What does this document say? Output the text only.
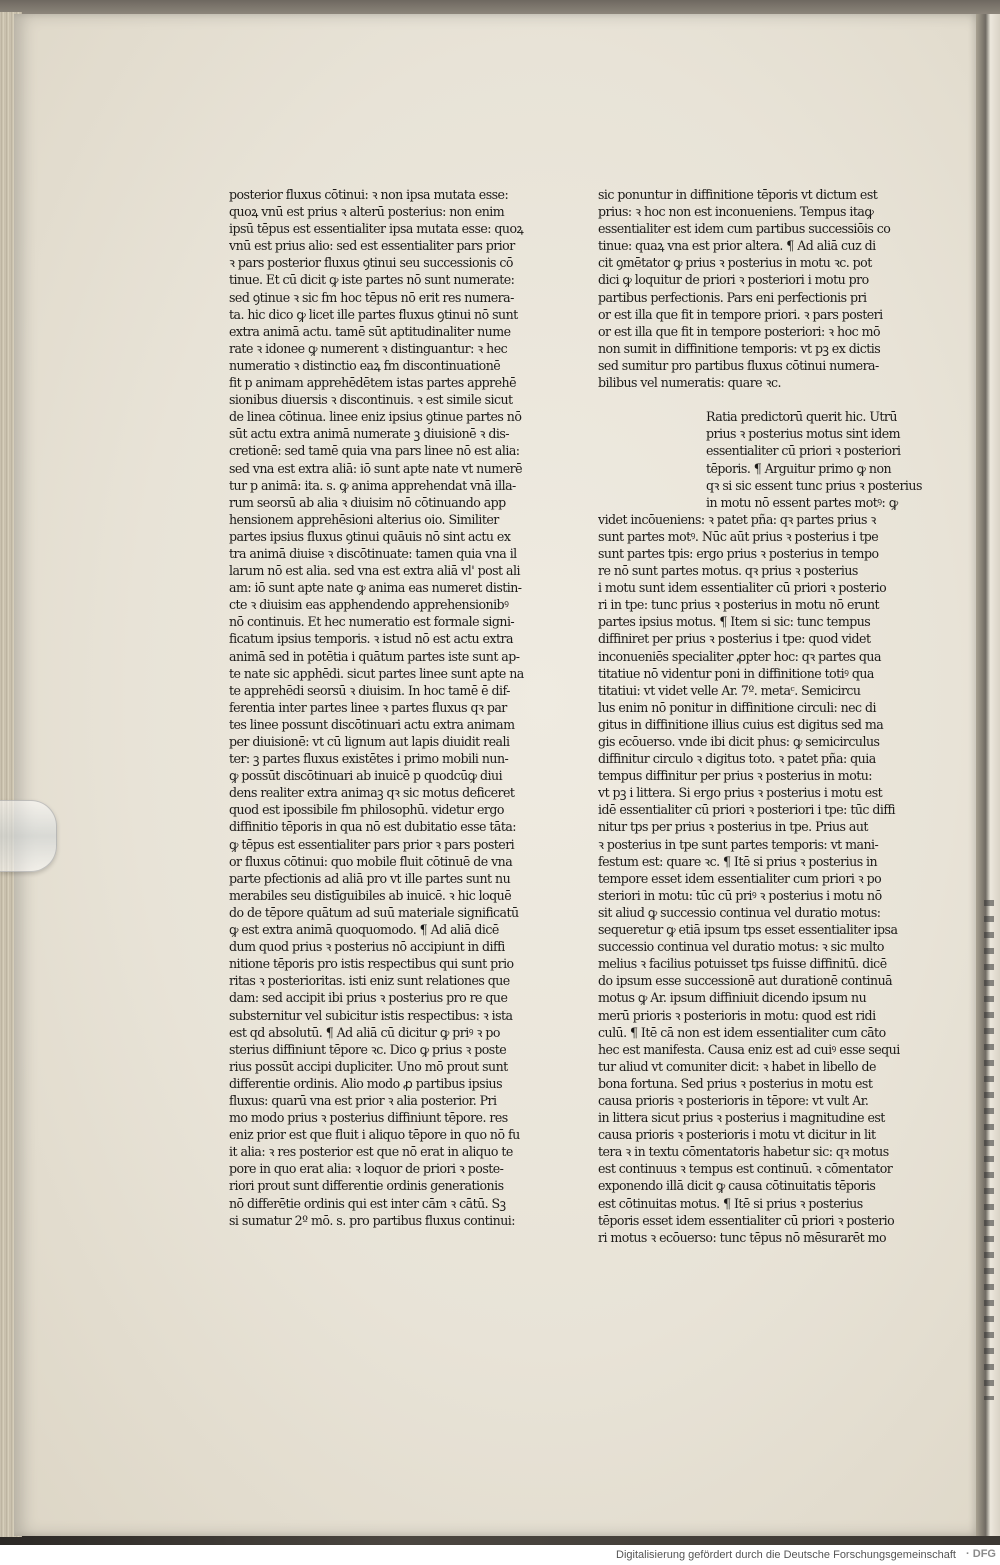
posterior fluxus cōtinui: ꝛ non ipsa mutata esse:
quoꝝ vnū est prius ꝛ alterū posterius: non enim
ipsū tēpus est essentialiter ipsa mutata esse: quoꝝ
vnū est prius alio: sed est essentialiter pars prior
ꝛ pars posterior fluxus ꝯtinui seu successionis cō
tinue. Et cū dicit ꝙ iste partes nō sunt numerate:
sed ꝯtinue ꝛ sic fm hoc tēpus nō erit res numera-
ta. hic dico ꝙ licet ille partes fluxus ꝯtinui nō sunt
extra animā actu. tamē sūt aptitudinaliter nume
rate ꝛ idonee ꝙ numerent ꝛ distinguantur: ꝛ hec
numeratio ꝛ distinctio eaꝝ fm discontinuationē
fit p animam apprehēdētem istas partes apprehē
sionibus diuersis ꝛ discontinuis. ꝛ est simile sicut
de linea cōtinua. linee eniz ipsius ꝯtinue partes nō
sūt actu extra animā numerate ꝫ diuisionē ꝛ dis-
cretionē: sed tamē quia vna pars linee nō est alia:
sed vna est extra aliā: iō sunt apte nate vt numerē
tur p animā: ita. s. ꝙ anima apprehendat vnā illa-
rum seorsū ab alia ꝛ diuisim nō cōtinuando app
hensionem apprehēsioni alterius oio. Similiter
partes ipsius fluxus ꝯtinui quāuis nō sint actu ex
tra animā diuise ꝛ discōtinuate: tamen quia vna il
larum nō est alia. sed vna est extra aliā vl' post ali
am: iō sunt apte nate ꝙ anima eas numeret distin-
cte ꝛ diuisim eas apphendendo apprehensionibꝰ
nō continuis. Et hec numeratio est formale signi-
ficatum ipsius temporis. ꝛ istud nō est actu extra
animā sed in potētia i quātum partes iste sunt ap-
te nate sic apphēdi. sicut partes linee sunt apte na
te apprehēdi seorsū ꝛ diuisim. In hoc tamē ē dif-
ferentia inter partes linee ꝛ partes fluxus qꝛ par
tes linee possunt discōtinuari actu extra animam
per diuisionē: vt cū lignum aut lapis diuidit reali
ter: ꝫ partes fluxus existētes i primo mobili nun-
ꝙ possūt discōtinuari ab inuicē p quodcūꝙ diui
dens realiter extra animaꝫ qꝛ sic motus deficeret
quod est ipossibile fm philosophū. videtur ergo
diffinitio tēporis in qua nō est dubitatio esse tāta:
ꝙ tēpus est essentialiter pars prior ꝛ pars posteri
or fluxus cōtinui: quo mobile fluit cōtinuē de vna
parte pfectionis ad aliā pro vt ille partes sunt nu
merabiles seu distīguibiles ab inuicē. ꝛ hic loquē
do de tēpore quātum ad suū materiale significatū
ꝙ est extra animā quoquomodo. ¶ Ad aliā dicē
dum quod prius ꝛ posterius nō accipiunt in diffi
nitione tēporis pro istis respectibus qui sunt prio
ritas ꝛ posterioritas. isti eniz sunt relationes que
dam: sed accipit ibi prius ꝛ posterius pro re que
substernitur vel subicitur istis respectibus: ꝛ ista
est qd absolutū. ¶ Ad aliā cū dicitur ꝙ priꝰ ꝛ po
sterius diffiniunt tēpore ꝛc. Dico ꝙ prius ꝛ poste
rius possūt accipi dupliciter. Uno mō prout sunt
differentie ordinis. Alio modo ꝓ partibus ipsius
fluxus: quarū vna est prior ꝛ alia posterior. Pri
mo modo prius ꝛ posterius diffiniunt tēpore. res
eniz prior est que fluit i aliquo tēpore in quo nō fu
it alia: ꝛ res posterior est que nō erat in aliquo te
pore in quo erat alia: ꝛ loquor de priori ꝛ poste-
riori prout sunt differentie ordinis generationis
nō differētie ordinis qui est inter cām ꝛ cātū. Sꝫ
si sumatur 2º mō. s. pro partibus fluxus continui:
sic ponuntur in diffinitione tēporis vt dictum est
prius: ꝛ hoc non est inconueniens. Tempus itaꝙ
essentialiter est idem cum partibus successiōis co
tinue: quaꝝ vna est prior altera. ¶ Ad aliā cuz di
cit ꝯmētator ꝙ prius ꝛ posterius in motu ꝛc. pot
dici ꝙ loquitur de priori ꝛ posteriori i motu pro
partibus perfectionis. Pars eni perfectionis pri
or est illa que fit in tempore priori. ꝛ pars posteri
or est illa que fit in tempore posteriori: ꝛ hoc mō
non sumit in diffinitione temporis: vt pꝫ ex dictis
sed sumitur pro partibus fluxus cōtinui numera-
bilibus vel numeratis: quare ꝛc.
Ratia predictorū querit hic. Utrū
prius ꝛ posterius motus sint idem
essentialiter cū priori ꝛ posteriori
tēporis. ¶ Arguitur primo ꝙ non
qꝛ si sic essent tunc prius ꝛ posterius
in motu nō essent partes motꝰ: ꝙ
videt incōueniens: ꝛ patet pña: qꝛ partes prius ꝛ
sunt partes motꝰ. Nūc aūt prius ꝛ posterius i tpe
sunt partes tpis: ergo prius ꝛ posterius in tempo
re nō sunt partes motus. qꝛ prius ꝛ posterius
i motu sunt idem essentialiter cū priori ꝛ posterio
ri in tpe: tunc prius ꝛ posterius in motu nō erunt
partes ipsius motus. ¶ Item si sic: tunc tempus
diffiniret per prius ꝛ posterius i tpe: quod videt
inconueniēs specialiter ꝓpter hoc: qꝛ partes qua
titatiue nō videntur poni in diffinitione totiꝰ qua
titatiui: vt videt velle Ar. 7º. metaᶜ. Semicircu
lus enim nō ponitur in diffinitione circuli: nec di
gitus in diffinitione illius cuius est digitus sed ma
gis ecōuerso. vnde ibi dicit phus: ꝙ semicirculus
diffinitur circulo ꝛ digitus toto. ꝛ patet pña: quia
tempus diffinitur per prius ꝛ posterius in motu:
vt pꝫ i littera. Si ergo prius ꝛ posterius i motu est
idē essentialiter cū priori ꝛ posteriori i tpe: tūc diffi
nitur tps per prius ꝛ posterius in tpe. Prius aut
ꝛ posterius in tpe sunt partes temporis: vt mani-
festum est: quare ꝛc. ¶ Itē si prius ꝛ posterius in
tempore esset idem essentialiter cum priori ꝛ po
steriori in motu: tūc cū priꝰ ꝛ posterius i motu nō
sit aliud ꝙ successio continua vel duratio motus:
sequeretur ꝙ etiā ipsum tps esset essentialiter ipsa
successio continua vel duratio motus: ꝛ sic multo
melius ꝛ facilius potuisset tps fuisse diffinitū. dicē
do ipsum esse successionē aut durationē continuā
motus ꝙ Ar. ipsum diffiniuit dicendo ipsum nu
merū prioris ꝛ posterioris in motu: quod est ridi
culū. ¶ Itē cā non est idem essentialiter cum cāto
hec est manifesta. Causa eniz est ad cuiꝰ esse sequi
tur aliud vt comuniter dicit: ꝛ habet in libello de
bona fortuna. Sed prius ꝛ posterius in motu est
causa prioris ꝛ posterioris in tēpore: vt vult Ar.
in littera sicut prius ꝛ posterius i magnitudine est
causa prioris ꝛ posterioris i motu vt dicitur in lit
tera ꝛ in textu cōmentatoris habetur sic: qꝛ motus
est continuus ꝛ tempus est continuū. ꝛ cōmentator
exponendo illā dicit ꝙ causa cōtinuitatis tēporis
est cōtinuitas motus. ¶ Itē si prius ꝛ posterius
tēporis esset idem essentialiter cū priori ꝛ posterio
ri motus ꝛ ecōuerso: tunc tēpus nō mēsurarēt mo
Digitalisierung gefördert durch die Deutsche Forschungsgemeinschaft · DFG
